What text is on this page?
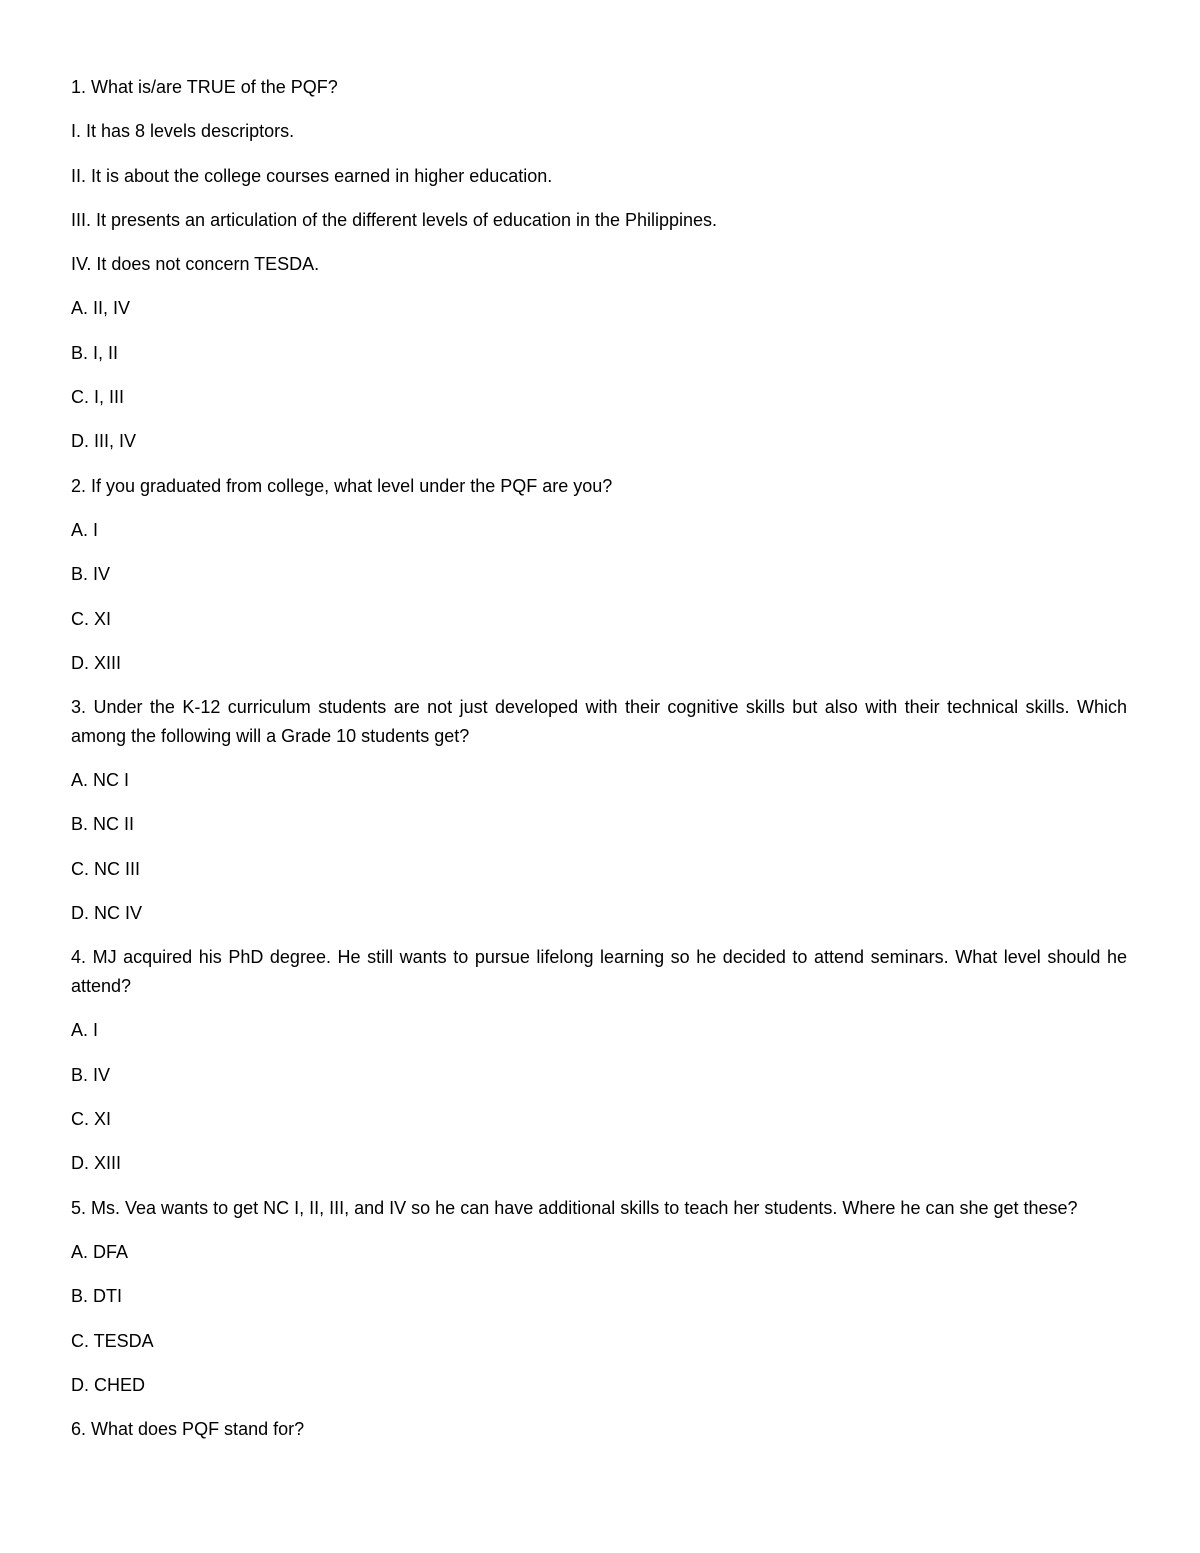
1. What is/are TRUE of the PQF?

I. It has 8 levels descriptors.

II. It is about the college courses earned in higher education.

III. It presents an articulation of the different levels of education in the Philippines.

IV. It does not concern TESDA.

A. II, IV

B. I, II

C. I, III

D. III, IV

2. If you graduated from college, what level under the PQF are you?

A. I

B. IV

C. XI

D. XIII

3. Under the K-12 curriculum students are not just developed with their cognitive skills but also with their technical skills. Which among the following will a Grade 10 students get?

A. NC I

B. NC II

C. NC III

D. NC IV

4. MJ acquired his PhD degree. He still wants to pursue lifelong learning so he decided to attend seminars. What level should he attend?

A. I

B. IV

C. XI

D. XIII

5. Ms. Vea wants to get NC I, II, III, and IV so he can have additional skills to teach her students. Where he can she get these?

A. DFA

B. DTI

C. TESDA

D. CHED

6. What does PQF stand for?
